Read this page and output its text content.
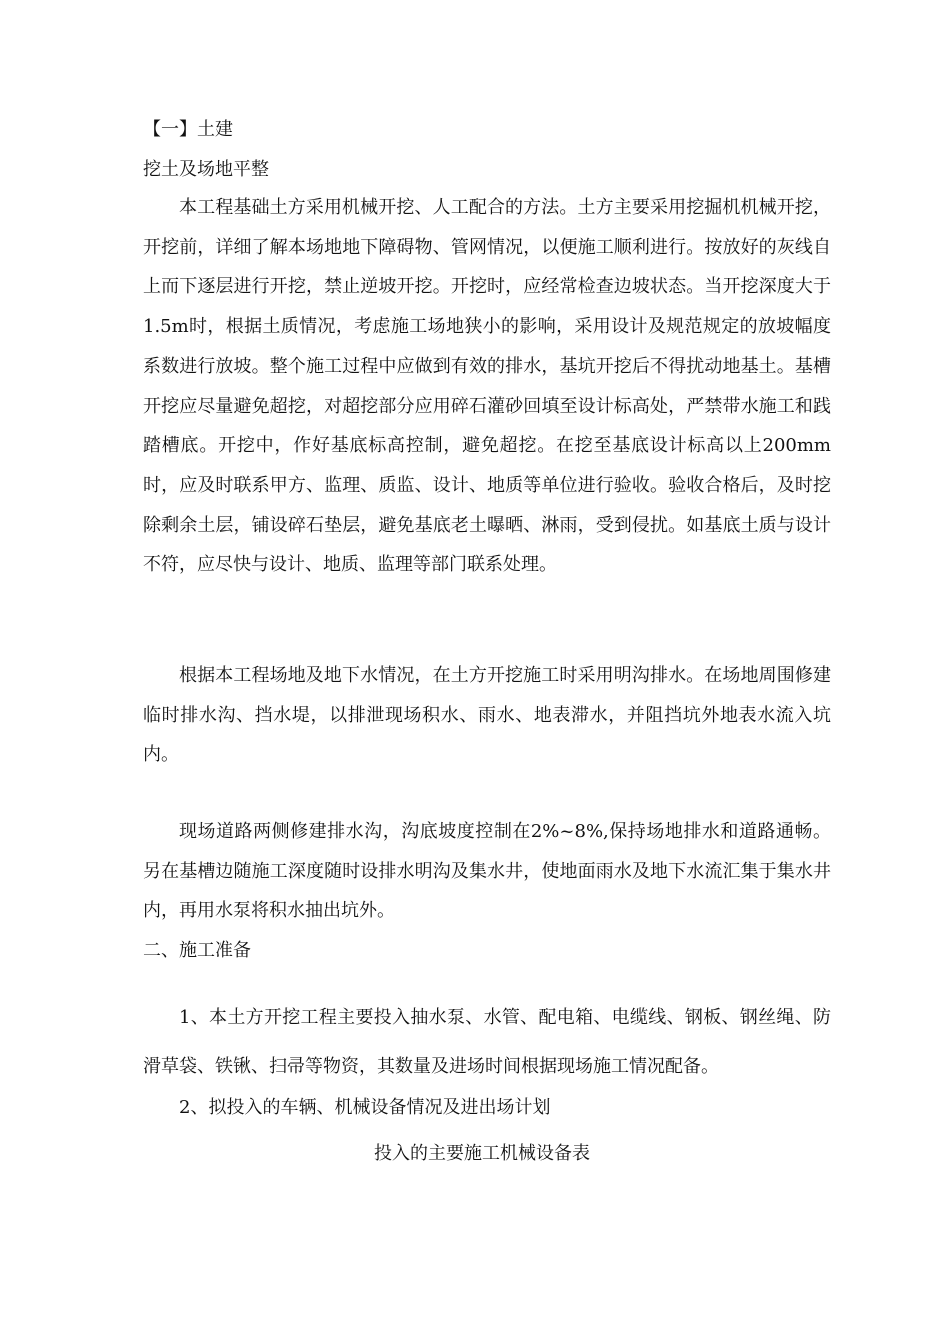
【一】土建

挖土及场地平整

本工程基础土方采用机械开挖、人工配合的方法。土方主要采用挖掘机机械开挖，开挖前，详细了解本场地地下障碍物、管网情况，以便施工顺利进行。按放好的灰线自上而下逐层进行开挖，禁止逆坡开挖。开挖时，应经常检查边坡状态。当开挖深度大于1.5m时，根据土质情况，考虑施工场地狭小的影响，采用设计及规范规定的放坡幅度系数进行放坡。整个施工过程中应做到有效的排水，基坑开挖后不得扰动地基土。基槽开挖应尽量避免超挖，对超挖部分应用碎石灌砂回填至设计标高处，严禁带水施工和践踏槽底。开挖中，作好基底标高控制，避免超挖。在挖至基底设计标高以上200mm时，应及时联系甲方、监理、质监、设计、地质等单位进行验收。验收合格后，及时挖除剩余土层，铺设碎石垫层，避免基底老土曝晒、淋雨，受到侵扰。如基底土质与设计不符，应尽快与设计、地质、监理等部门联系处理。

根据本工程场地及地下水情况，在土方开挖施工时采用明沟排水。在场地周围修建临时排水沟、挡水堤，以排泄现场积水、雨水、地表滞水，并阻挡坑外地表水流入坑内。

现场道路两侧修建排水沟，沟底坡度控制在2%~8%,保持场地排水和道路通畅。另在基槽边随施工深度随时设排水明沟及集水井，使地面雨水及地下水流汇集于集水井内，再用水泵将积水抽出坑外。

二、施工准备

1、本土方开挖工程主要投入抽水泵、水管、配电箱、电缆线、钢板、钢丝绳、防滑草袋、铁锹、扫帚等物资，其数量及进场时间根据现场施工情况配备。

2、拟投入的车辆、机械设备情况及进出场计划

投入的主要施工机械设备表
